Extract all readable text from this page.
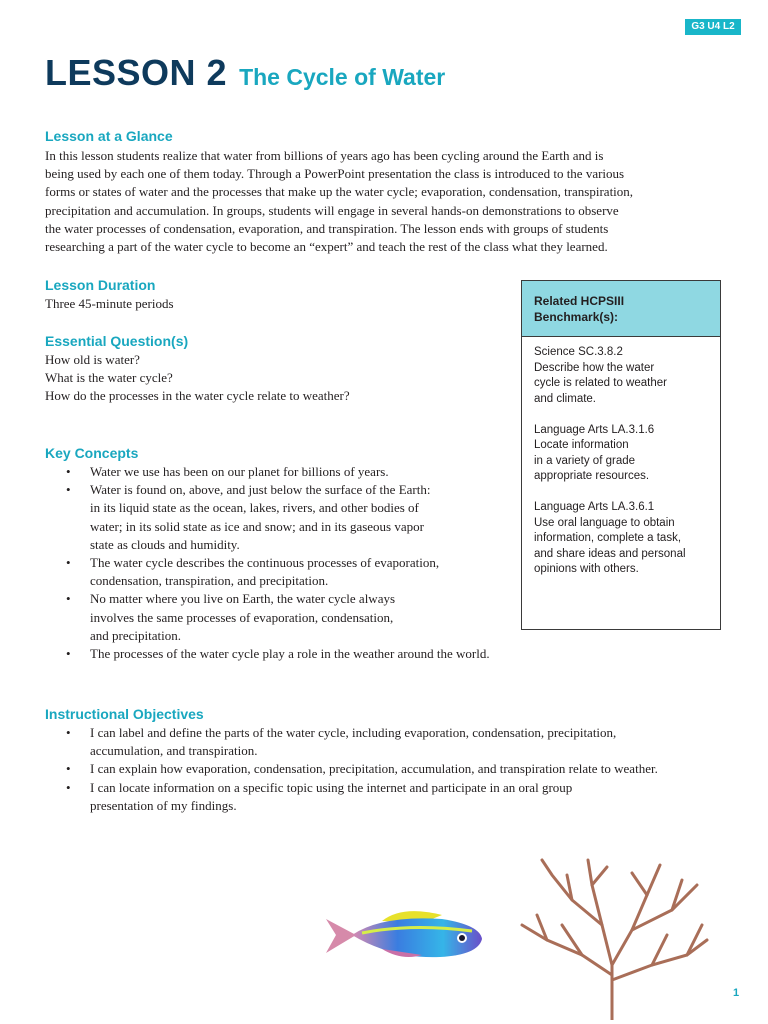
G3 U4 L2
LESSON 2 The Cycle of Water
Lesson at a Glance
In this lesson students realize that water from billions of years ago has been cycling around the Earth and is
being used by each one of them today. Through a PowerPoint presentation the class is introduced to the various
forms or states of water and the processes that make up the water cycle; evaporation, condensation, transpiration,
precipitation and accumulation. In groups, students will engage in several hands-on demonstrations to observe
the water processes of condensation, evaporation, and transpiration. The lesson ends with groups of students
researching a part of the water cycle to become an “expert” and teach the rest of the class what they learned.
Lesson Duration
Three 45-minute periods
Essential Question(s)
How old is water?
What is the water cycle?
How do the processes in the water cycle relate to weather?
Key Concepts
• Water we use has been on our planet for billions of years.
• Water is found on, above, and just below the surface of the Earth:
in its liquid state as the ocean, lakes, rivers, and other bodies of
water; in its solid state as ice and snow; and in its gaseous vapor
state as clouds and humidity.
• The water cycle describes the continuous processes of evaporation,
condensation, transpiration, and precipitation.
• No matter where you live on Earth, the water cycle always
involves the same processes of evaporation, condensation,
and precipitation.
• The processes of the water cycle play a role in the weather around the world.
Instructional Objectives
• I can label and define the parts of the water cycle, including evaporation, condensation, precipitation,
accumulation, and transpiration.
• I can explain how evaporation, condensation, precipitation, accumulation, and transpiration relate to weather.
• I can locate information on a specific topic using the internet and participate in an oral group
presentation of my findings.
Related HCPSIII
Benchmark(s):
Science SC.3.8.2
Describe how the water
cycle is related to weather
and climate.
Language Arts LA.3.1.6
Locate information
in a variety of grade
appropriate resources.
Language Arts LA.3.6.1
Use oral language to obtain
information, complete a task,
and share ideas and personal
opinions with others.
1
